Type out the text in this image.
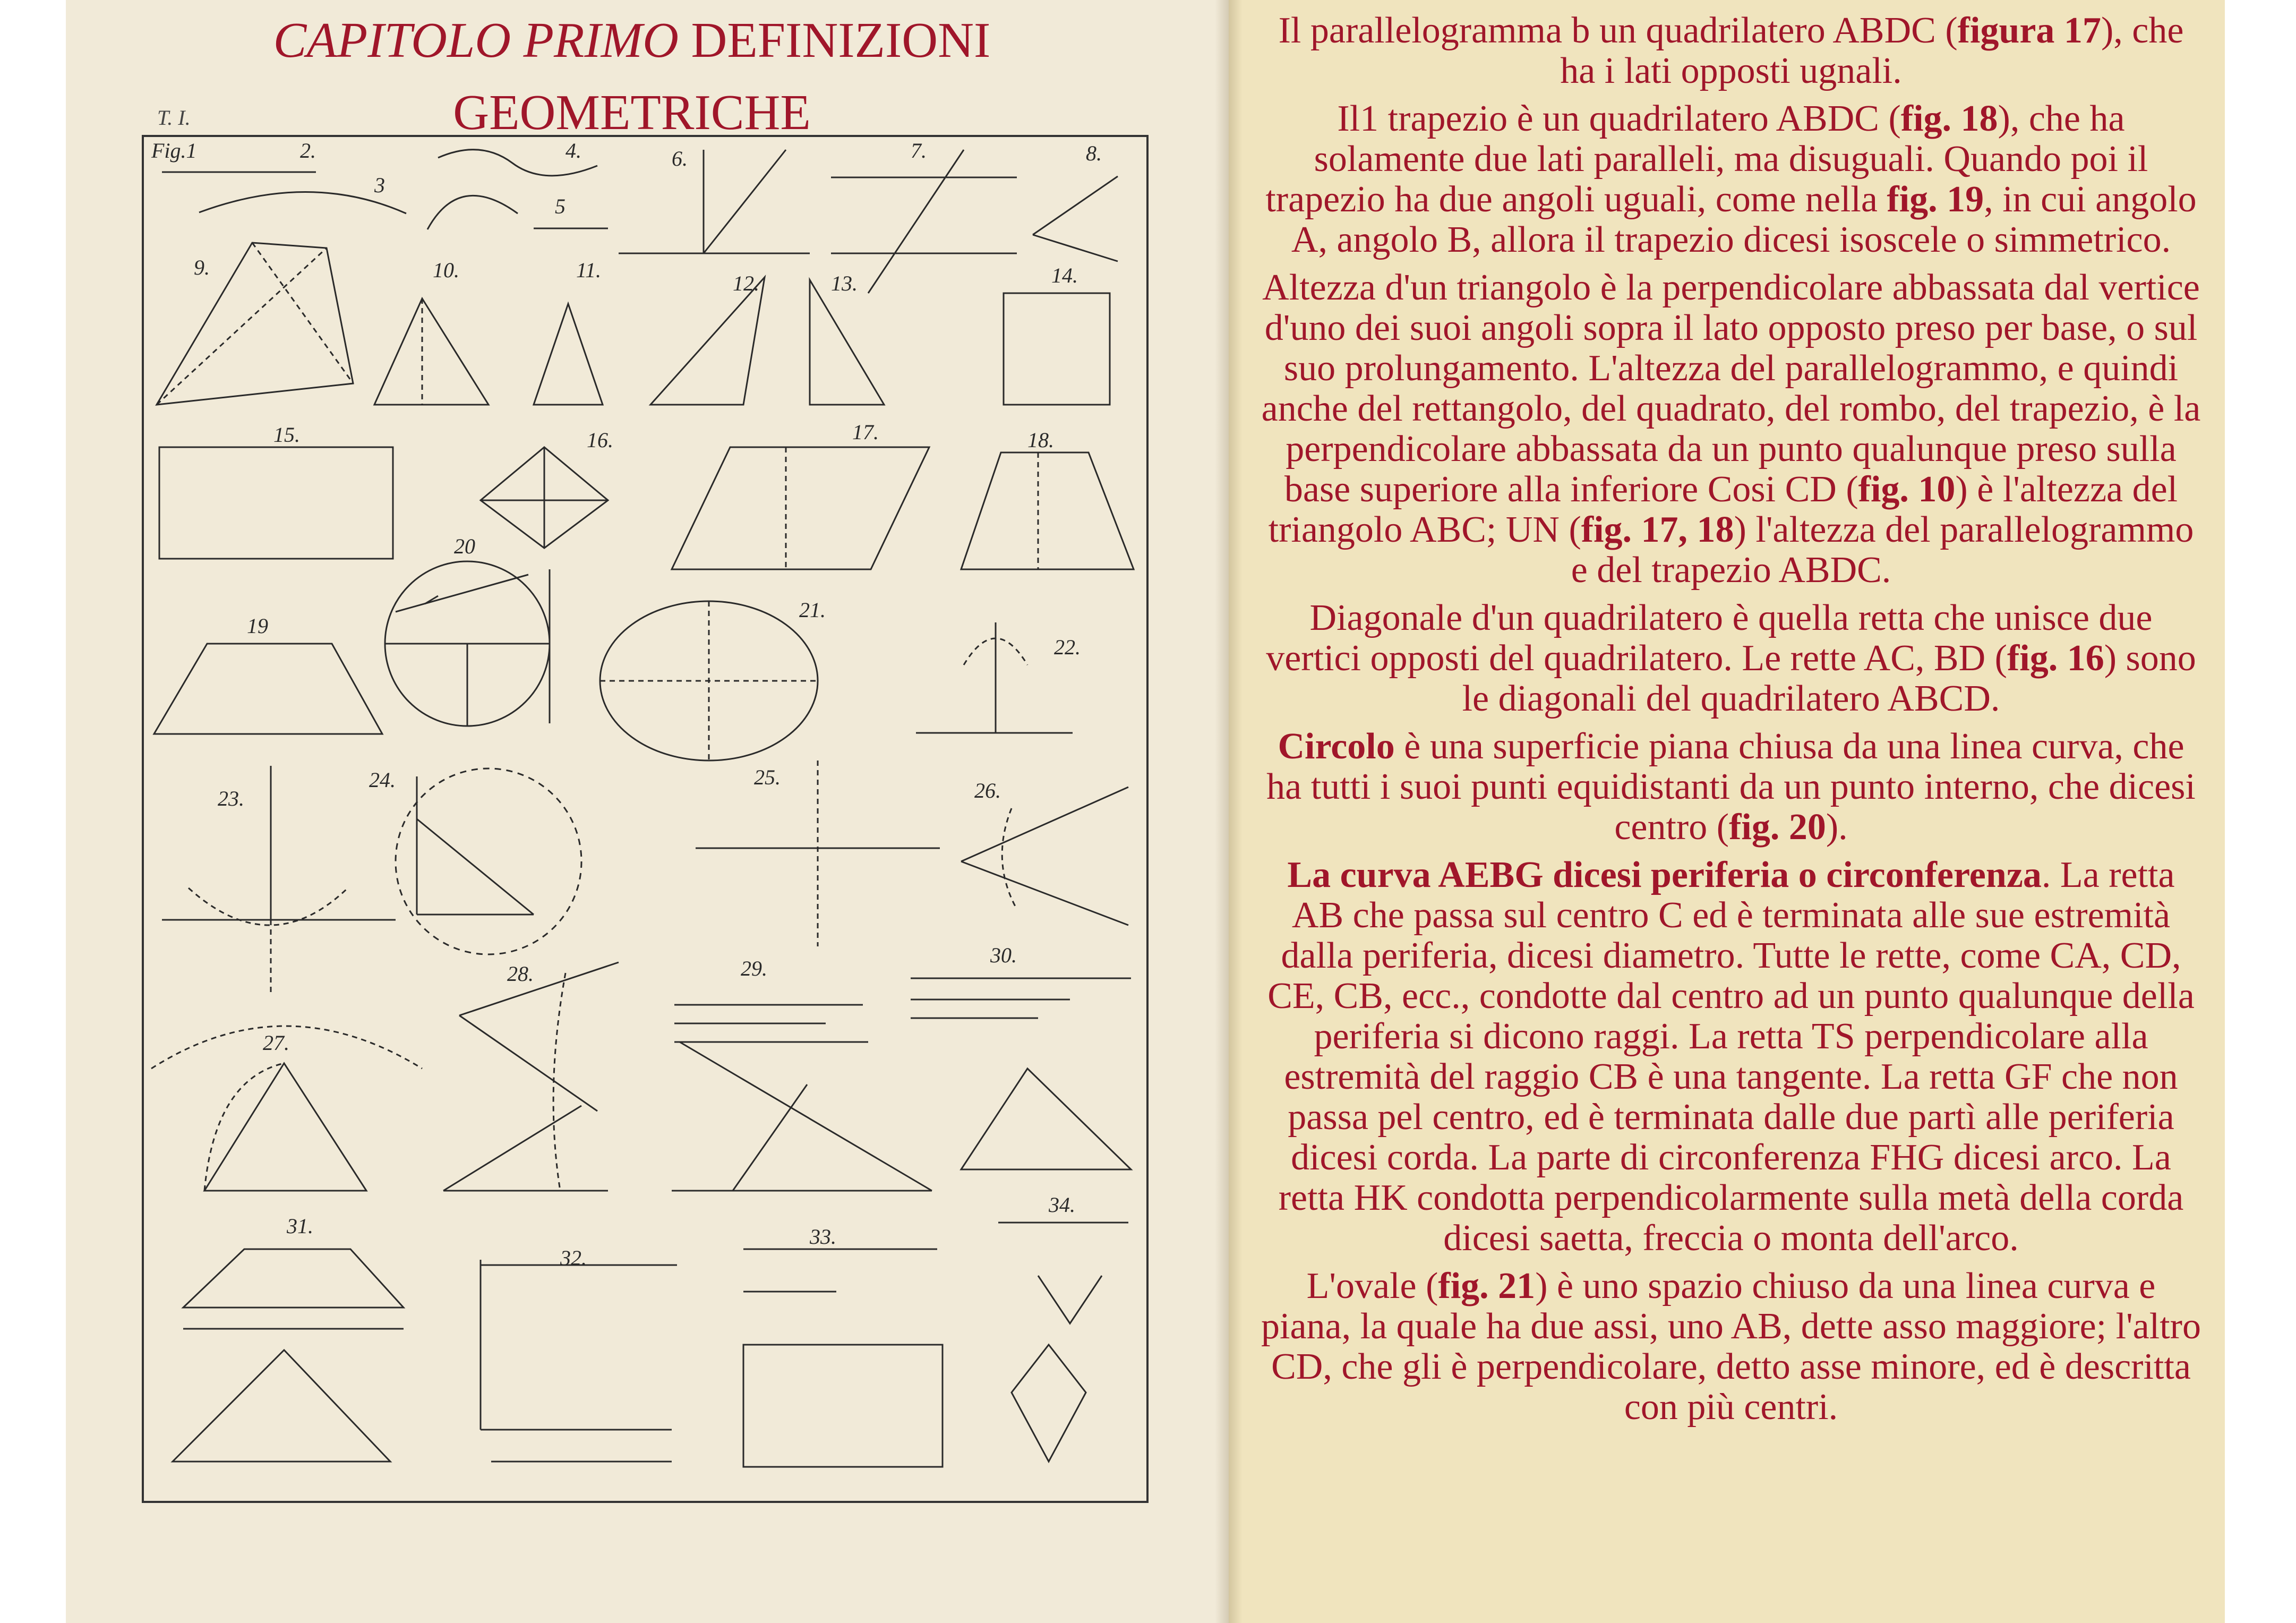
CAPITOLO PRIMO DEFINIZIONI
GEOMETRICHE
T. I.
Fig.1	2.
3
4.
5
6.	7.	8.
9.	10.	11.
12.	13.	14.
15.	16.	17.	18.
19
20
21.
22.
23.
24.	25.
26.
27.
28.	29.
30.
31.
32.
33.
34.

Il parallelogramma b un quadrilatero ABDC (figura 17), che ha i lati opposti ugnali.

Il1 trapezio è un quadrilatero ABDC (fig. 18), che ha solamente due lati paralleli, ma disuguali. Quando poi il trapezio ha due angoli uguali, come nella fig. 19, in cui angolo A, angolo B, allora il trapezio dicesi isoscele o simmetrico.

Altezza d'un triangolo è la perpendicolare abbassata dal vertice d'uno dei suoi angoli sopra il lato opposto preso per base, o sul suo prolungamento. L'altezza del parallelogrammo, e quindi anche del rettangolo, del quadrato, del rombo, del trapezio, è la perpendicolare abbassata da un punto qualunque preso sulla base superiore alla inferiore Cosi CD (fig. 10) è l'altezza del triangolo ABC; UN (fig. 17, 18) l'altezza del parallelogrammo e del trapezio ABDC.

Diagonale d'un quadrilatero è quella retta che unisce due vertici opposti del quadrilatero. Le rette AC, BD (fig. 16) sono le diagonali del quadrilatero ABCD.

Circolo è una superficie piana chiusa da una linea curva, che ha tutti i suoi punti equidistanti da un punto interno, che dicesi centro (fig. 20).

La curva AEBG dicesi periferia o circonferenza. La retta AB che passa sul centro C ed è terminata alle sue estremità dalla periferia, dicesi diametro. Tutte le rette, come CA, CD, CE, CB, ecc., condotte dal centro ad un punto qualunque della periferia si dicono raggi. La retta TS perpendicolare alla estremità del raggio CB è una tangente. La retta GF che non passa pel centro, ed è terminata dalle due partì alle periferia dicesi corda. La parte di circonferenza FHG dicesi arco. La retta HK condotta perpendicolarmente sulla metà della corda dicesi saetta, freccia o monta dell'arco.

L'ovale (fig. 21) è uno spazio chiuso da una linea curva e piana, la quale ha due assi, uno AB, dette asso maggiore; l'altro CD, che gli è perpendicolare, detto asse minore, ed è descritta con più centri.
